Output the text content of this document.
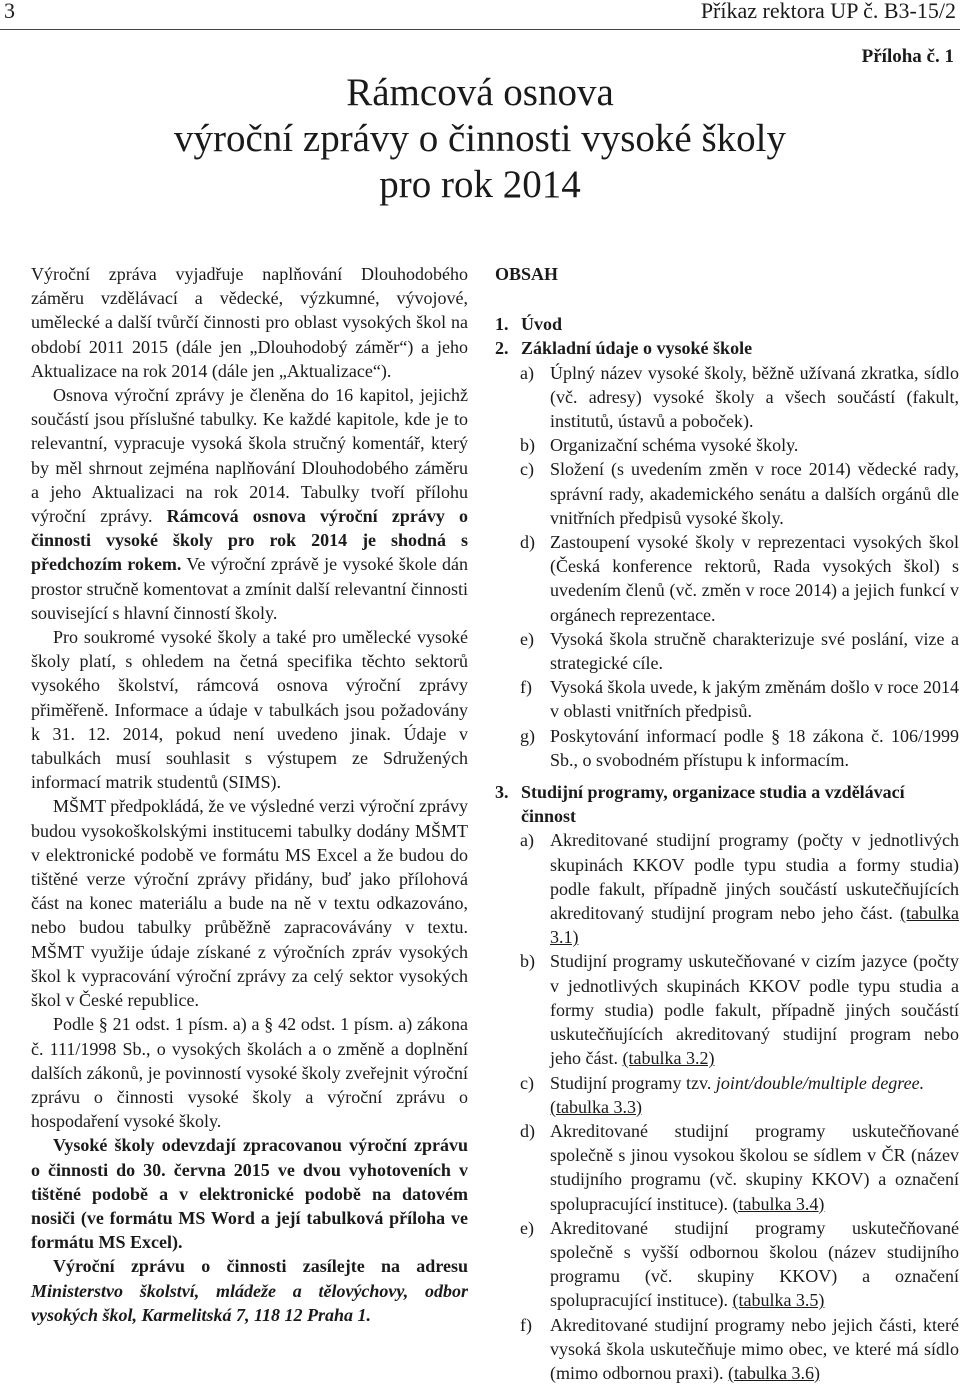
3	Příkaz rektora UP č. B3-15/2
Příloha č. 1
Rámcová osnova
výroční zprávy o činnosti vysoké školy
pro rok 2014

Výroční zpráva vyjadřuje naplňování Dlouhodobého záměru vzdělávací a vědecké, výzkumné, vývojové, umělecké a další tvůrčí činnosti pro oblast vysokých škol na období 2011 2015 (dále jen „Dlouhodobý záměr“) a jeho Aktualizace na rok 2014 (dále jen „Aktualizace“).

Osnova výroční zprávy je členěna do 16 kapitol, jejichž součástí jsou příslušné tabulky. Ke každé kapitole, kde je to relevantní, vypracuje vysoká škola stručný komentář, který by měl shrnout zejména naplňování Dlouhodobého záměru a jeho Aktualizaci na rok 2014. Tabulky tvoří přílohu výroční zprávy. Rámcová osnova výroční zprávy o činnosti vysoké školy pro rok 2014 je shodná s předchozím rokem. Ve výroční zprávě je vysoké škole dán prostor stručně komentovat a zmínit další relevantní činnosti související s hlavní činností školy.

Pro soukromé vysoké školy a také pro umělecké vysoké školy platí, s ohledem na četná specifika těchto sektorů vysokého školství, rámcová osnova výroční zprávy přiměřeně. Informace a údaje v tabulkách jsou požadovány k 31. 12. 2014, pokud není uvedeno jinak. Údaje v tabulkách musí souhlasit s výstupem ze Sdružených informací matrik studentů (SIMS).

MŠMT předpokládá, že ve výsledné verzi výroční zprávy budou vysokoškolskými institucemi tabulky dodány MŠMT v elektronické podobě ve formátu MS Excel a že budou do tištěné verze výroční zprávy přidány, buď jako přílohová část na konec materiálu a bude na ně v textu odkazováno, nebo budou tabulky průběžně zapracovávány v textu. MŠMT využije údaje získané z výročních zpráv vysokých škol k vypracování výroční zprávy za celý sektor vysokých škol v České republice.

Podle § 21 odst. 1 písm. a) a § 42 odst. 1 písm. a) zákona č. 111/1998 Sb., o vysokých školách a o změně a doplnění dalších zákonů, je povinností vysoké školy zveřejnit výroční zprávu o činnosti vysoké školy a výroční zprávu o hospodaření vysoké školy.

Vysoké školy odevzdají zpracovanou výroční zprávu o činnosti do 30. června 2015 ve dvou vyhotoveních v tištěné podobě a v elektronické podobě na datovém nosiči (ve formátu MS Word a její tabulková příloha ve formátu MS Excel).

Výroční zprávu o činnosti zasílejte na adresu Ministerstvo školství, mládeže a tělovýchovy, odbor vysokých škol, Karmelitská 7, 118 12 Praha 1.

OBSAH
1. Úvod
2. Základní údaje o vysoké škole
a) Úplný název vysoké školy, běžně užívaná zkratka, sídlo (vč. adresy) vysoké školy a všech součástí (fakult, institutů, ústavů a poboček).
b) Organizační schéma vysoké školy.
c) Složení (s uvedením změn v roce 2014) vědecké rady, správní rady, akademického senátu a dalších orgánů dle vnitřních předpisů vysoké školy.
d) Zastoupení vysoké školy v reprezentaci vysokých škol (Česká konference rektorů, Rada vysokých škol) s uvedením členů (vč. změn v roce 2014) a jejich funkcí v orgánech reprezentace.
e) Vysoká škola stručně charakterizuje své poslání, vize a strategické cíle.
f)	Vysoká škola uvede, k jakým změnám došlo v roce 2014 v oblasti vnitřních předpisů.
g) Poskytování informací podle § 18 zákona č. 106/1999 Sb., o svobodném přístupu k informacím.
3. Studijní programy, organizace studia a vzdělávací činnost
a) Akreditované studijní programy (počty v jednotlivých skupinách KKOV podle typu studia a formy studia) podle fakult, případně jiných součástí uskutečňujících akreditovaný studijní program nebo jeho část. (tabulka 3.1)
b) Studijní programy uskutečňované v cizím jazyce (počty v jednotlivých skupinách KKOV podle typu studia a formy studia) podle fakult, případně jiných součástí uskutečňujících akreditovaný studijní program nebo jeho část. (tabulka 3.2)
c) Studijní programy tzv. joint/double/multiple degree.
(tabulka 3.3)
d) Akreditované studijní programy uskutečňované společně s jinou vysokou školou se sídlem v ČR (název studijního programu (vč. skupiny KKOV) a označení spolupracující instituce). (tabulka 3.4)
e) Akreditované studijní programy uskutečňované společně s vyšší odbornou školou (název studijního programu (vč. skupiny KKOV) a označení spolupracující instituce). (tabulka 3.5)
f)	Akreditované studijní programy nebo jejich části, které vysoká škola uskutečňuje mimo obec, ve které má sídlo (mimo odbornou praxi). (tabulka 3.6)
